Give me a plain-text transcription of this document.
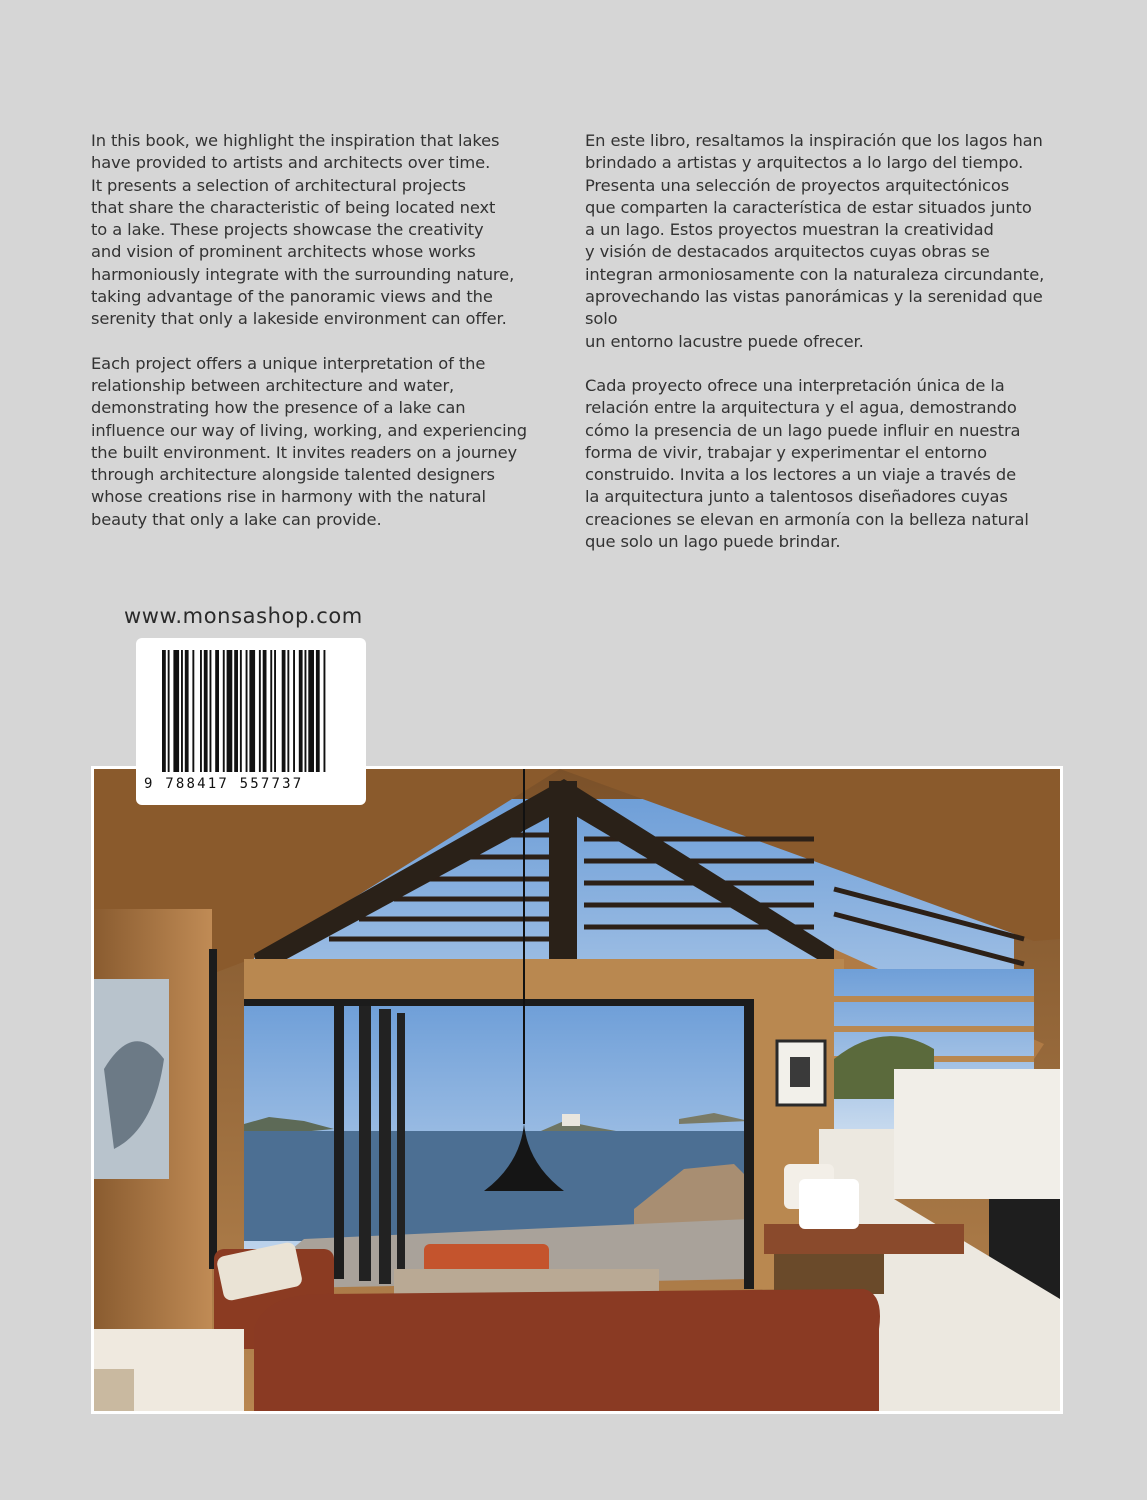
In this book, we highlight the inspiration that lakes
have provided to artists and architects over time.
It presents a selection of architectural projects
that share the characteristic of being located next
to a lake. These projects showcase the creativity
and vision of prominent architects whose works
harmoniously integrate with the surrounding nature,
taking advantage of the panoramic views and the
serenity that only a lakeside environment can offer.

Each project offers a unique interpretation of the
relationship between architecture and water,
demonstrating how the presence of a lake can
influence our way of living, working, and experiencing
the built environment. It invites readers on a journey
through architecture alongside talented designers
whose creations rise in harmony with the natural
beauty that only a lake can provide.

En este libro, resaltamos la inspiración que los lagos han
brindado a artistas y arquitectos a lo largo del tiempo.
Presenta una selección de proyectos arquitectónicos
que comparten la característica de estar situados junto
a un lago. Estos proyectos muestran la creatividad
y visión de destacados arquitectos cuyas obras se
integran armoniosamente con la naturaleza circundante,
aprovechando las vistas panorámicas y la serenidad que solo
un entorno lacustre puede ofrecer.

Cada proyecto ofrece una interpretación única de la
relación entre la arquitectura y el agua, demostrando
cómo la presencia de un lago puede influir en nuestra
forma de vivir, trabajar y experimentar el entorno
construido. Invita a los lectores a un viaje a través de
la arquitectura junto a talentosos diseñadores cuyas
creaciones se elevan en armonía con la belleza natural
que solo un lago puede brindar.

www.monsashop.com
9 788417 557737
